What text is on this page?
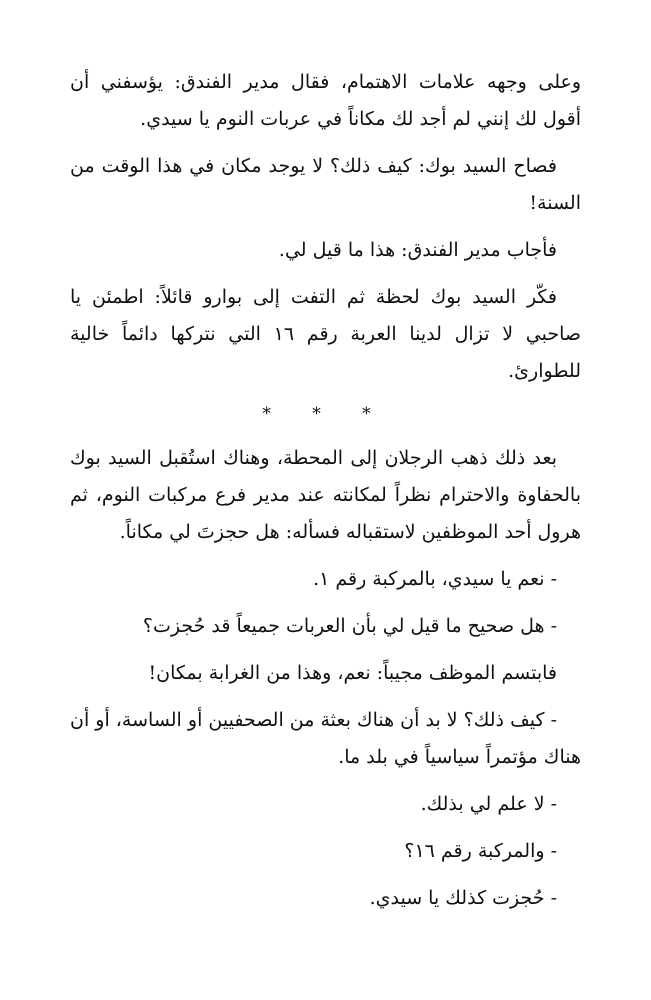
وعلى وجهه علامات الاهتمام، فقال مدير الفندق: يؤسفني أن أقول لك إنني لم أجد لك مكاناً في عربات النوم يا سيدي.

فصاح السيد بوك: كيف ذلك؟ لا يوجد مكان في هذا الوقت من السنة!

فأجاب مدير الفندق: هذا ما قيل لي.

فكّر السيد بوك لحظة ثم التفت إلى بوارو قائلاً: اطمئن يا صاحبي لا تزال لدينا العربة رقم ١٦ التي نتركها دائماً خالية للطوارئ.

* * *

بعد ذلك ذهب الرجلان إلى المحطة، وهناك استُقبل السيد بوك بالحفاوة والاحترام نظراً لمكانته عند مدير فرع مركبات النوم، ثم هرول أحد الموظفين لاستقباله فسأله: هل حجزتَ لي مكاناً.

- نعم يا سيدي، بالمركبة رقم ١.

- هل صحيح ما قيل لي بأن العربات جميعاً قد حُجزت؟

فابتسم الموظف مجيباً: نعم، وهذا من الغرابة بمكان!

- كيف ذلك؟ لا بد أن هناك بعثة من الصحفيين أو الساسة، أو أن هناك مؤتمراً سياسياً في بلد ما.

- لا علم لي بذلك.

- والمركبة رقم ١٦؟

- حُجزت كذلك يا سيدي.
